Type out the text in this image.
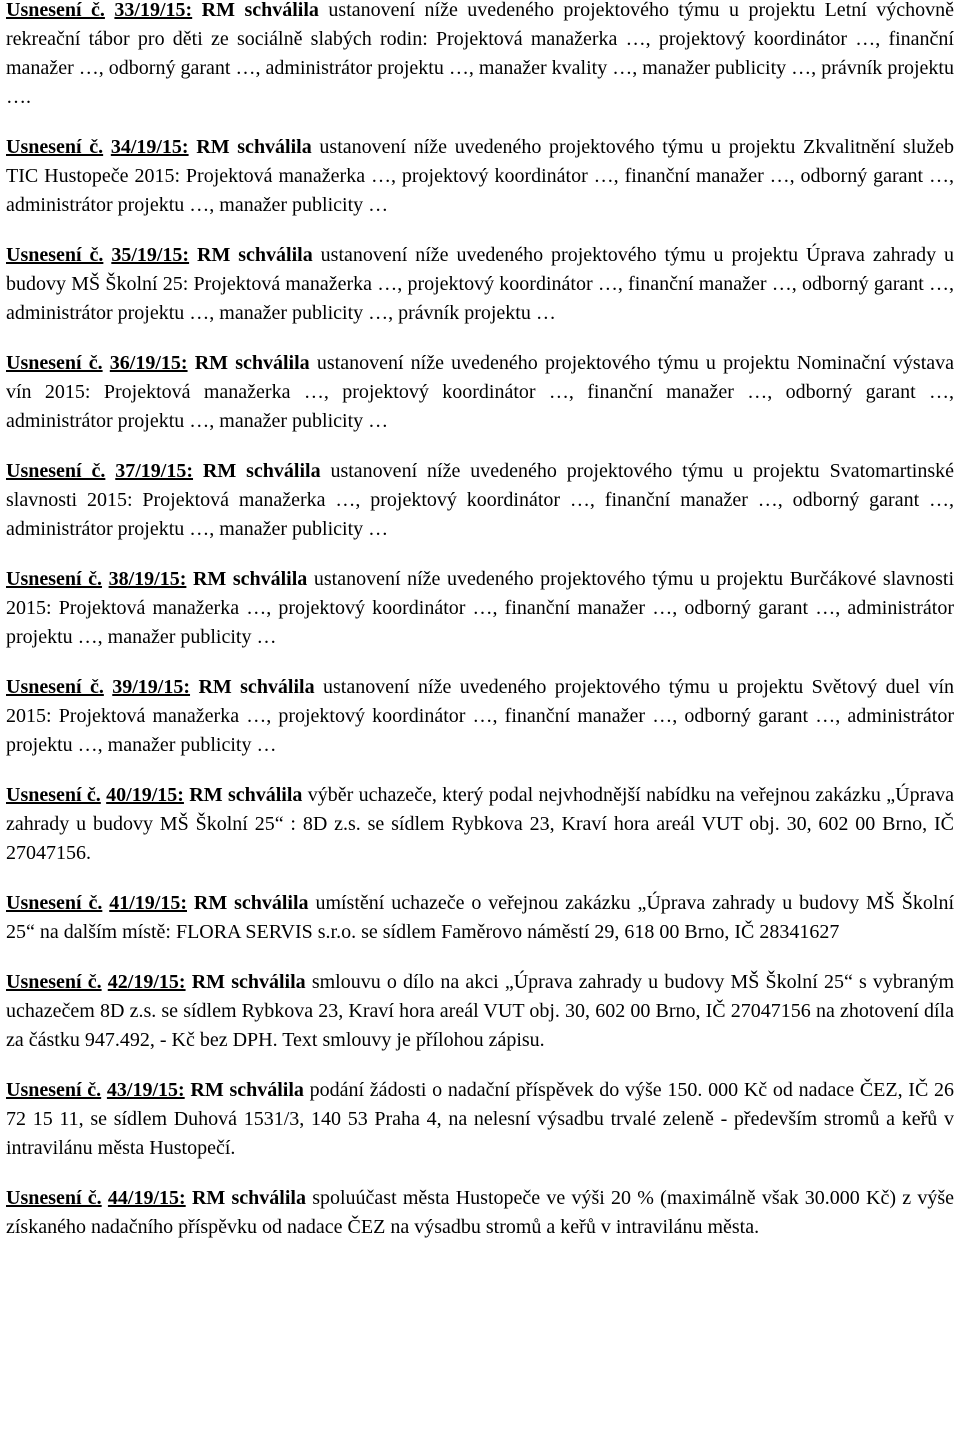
Usnesení č. 33/19/15: RM schválila ustanovení níže uvedeného projektového týmu u projektu Letní výchovně rekreační tábor pro děti ze sociálně slabých rodin: Projektová manažerka …, projektový koordinátor …, finanční manažer …, odborný garant …, administrátor projektu …, manažer kvality …, manažer publicity …, právník projektu ….

Usnesení č. 34/19/15: RM schválila ustanovení níže uvedeného projektového týmu u projektu Zkvalitnění služeb TIC Hustopeče 2015: Projektová manažerka …, projektový koordinátor …, finanční manažer …, odborný garant …, administrátor projektu …, manažer publicity …

Usnesení č. 35/19/15: RM schválila ustanovení níže uvedeného projektového týmu u projektu Úprava zahrady u budovy MŠ Školní 25: Projektová manažerka …, projektový koordinátor …, finanční manažer …, odborný garant …, administrátor projektu …, manažer publicity …, právník projektu …

Usnesení č. 36/19/15: RM schválila ustanovení níže uvedeného projektového týmu u projektu Nominační výstava vín 2015: Projektová manažerka …, projektový koordinátor …, finanční manažer …, odborný garant …, administrátor projektu …, manažer publicity …

Usnesení č. 37/19/15: RM schválila ustanovení níže uvedeného projektového týmu u projektu Svatomartinské slavnosti 2015: Projektová manažerka …, projektový koordinátor …, finanční manažer …, odborný garant …, administrátor projektu …, manažer publicity …

Usnesení č. 38/19/15: RM schválila ustanovení níže uvedeného projektového týmu u projektu Burčákové slavnosti 2015: Projektová manažerka …, projektový koordinátor …, finanční manažer …, odborný garant …, administrátor projektu …, manažer publicity …

Usnesení č. 39/19/15: RM schválila ustanovení níže uvedeného projektového týmu u projektu Světový duel vín 2015: Projektová manažerka …, projektový koordinátor …, finanční manažer …, odborný garant …, administrátor projektu …, manažer publicity …

Usnesení č. 40/19/15: RM schválila výběr uchazeče, který podal nejvhodnější nabídku na veřejnou zakázku „Úprava zahrady u budovy MŠ Školní 25“ : 8D z.s. se sídlem Rybkova 23, Kraví hora areál VUT obj. 30, 602 00 Brno, IČ 27047156.

Usnesení č. 41/19/15: RM schválila umístění uchazeče o veřejnou zakázku „Úprava zahrady u budovy MŠ Školní 25“ na dalším místě: FLORA SERVIS s.r.o. se sídlem Faměrovo náměstí 29, 618 00 Brno, IČ 28341627

Usnesení č. 42/19/15: RM schválila smlouvu o dílo na akci „Úprava zahrady u budovy MŠ Školní 25“ s vybraným uchazečem 8D z.s. se sídlem Rybkova 23, Kraví hora areál VUT obj. 30, 602 00 Brno, IČ 27047156 na zhotovení díla za částku 947.492, - Kč bez DPH. Text smlouvy je přílohou zápisu.

Usnesení č. 43/19/15: RM schválila podání žádosti o nadační příspěvek do výše 150. 000 Kč od nadace ČEZ, IČ 26 72 15 11, se sídlem Duhová 1531/3, 140 53 Praha 4, na nelesní výsadbu trvalé zeleně - především stromů a keřů v intravilánu města Hustopečí.

Usnesení č. 44/19/15: RM schválila spoluúčast města Hustopeče ve výši 20 % (maximálně však 30.000 Kč) z výše získaného nadačního příspěvku od nadace ČEZ na výsadbu stromů a keřů v intravilánu města.
